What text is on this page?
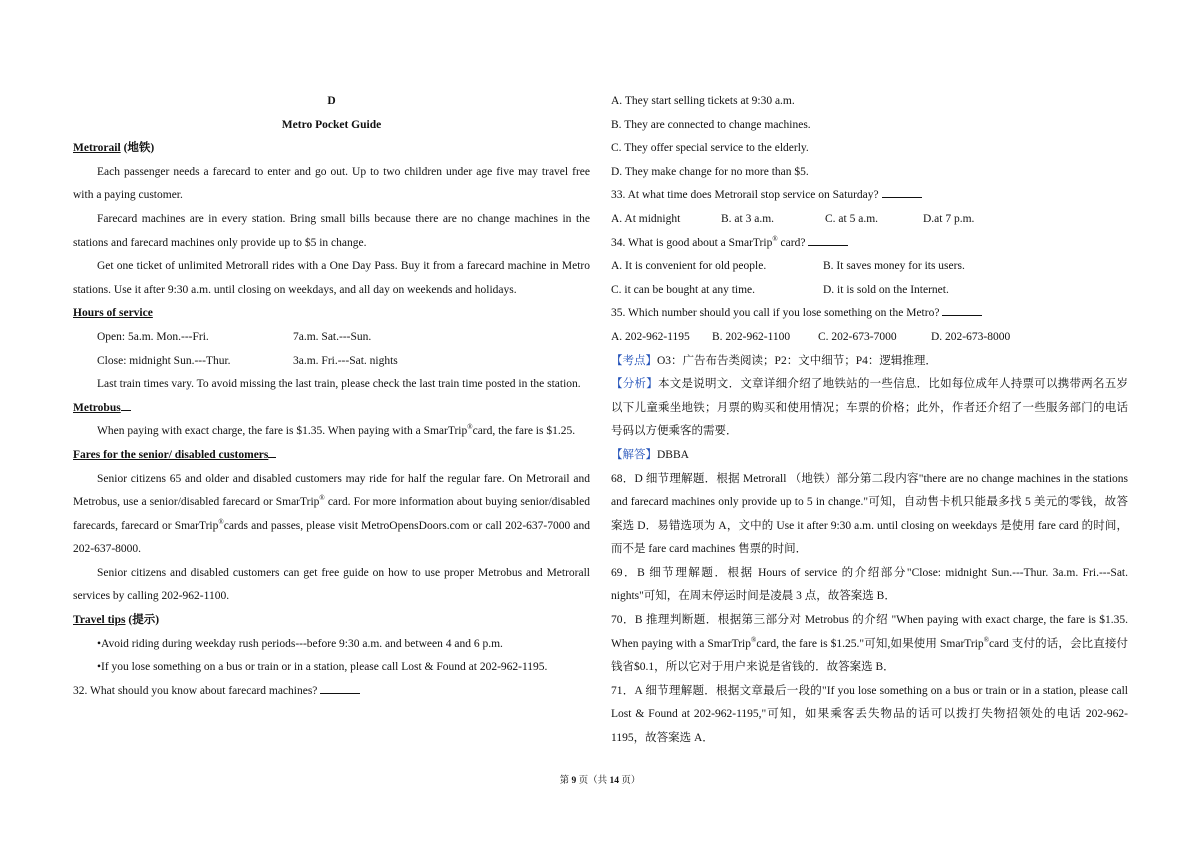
D

Metro Pocket Guide

Metrorail (地铁)

Each passenger needs a farecard to enter and go out. Up to two children under age five may travel free with a paying customer.

Farecard machines are in every station. Bring small bills because there are no change machines in the stations and farecard machines only provide up to $5 in change.

Get one ticket of unlimited Metrorall rides with a One Day Pass. Buy it from a farecard machine in Metro stations. Use it after 9:30 a.m. until closing on weekdays, and all day on weekends and holidays.

Hours of service

Open: 5a.m. Mon.---Fri.	7a.m. Sat.---Sun.

Close: midnight Sun.---Thur.	3a.m. Fri.---Sat. nights

Last train times vary. To avoid missing the last train, please check the last train time posted in the station.

Metrobus

When paying with exact charge, the fare is $1.35. When paying with a SmarTrip®card, the fare is $1.25.

Fares for the senior/ disabled customers

Senior citizens 65 and older and disabled customers may ride for half the regular fare. On Metrorail and Metrobus, use a senior/disabled farecard or SmarTrip® card. For more information about buying senior/disabled farecards, farecard or SmarTrip®cards and passes, please visit MetroOpensDoors.com or call 202-637-7000 and 202-637-8000.

Senior citizens and disabled customers can get free guide on how to use proper Metrobus and Metrorall services by calling 202-962-1100.

Travel tips (提示)

•Avoid riding during weekday rush periods---before 9:30 a.m. and between 4 and 6 p.m.

•If you lose something on a bus or train or in a station, please call Lost & Found at 202-962-1195.

32. What should you know about farecard machines?

A. They start selling tickets at 9:30 a.m.

B. They are connected to change machines.

C. They offer special service to the elderly.

D. They make change for no more than $5.

33. At what time does Metrorail stop service on Saturday?

A. At midnight	B. at 3 a.m.	C. at 5 a.m.	D.at 7 p.m.

34. What is good about a SmarTrip® card?

A. It is convenient for old people.	B. It saves money for its users.

C. it can be bought at any time.	D. it is sold on the Internet.

35. Which number should you call if you lose something on the Metro?

A. 202-962-1195	B. 202-962-1100	C. 202-673-7000	D. 202-673-8000

【考点】O3：广告布告类阅读；P2：文中细节；P4：逻辑推理．

【分析】本文是说明文．文章详细介绍了地铁站的一些信息．比如每位成年人持票可以携带两名五岁以下儿童乘坐地铁；月票的购买和使用情况；车票的价格；此外，作者还介绍了一些服务部门的电话号码以方便乘客的需要．

【解答】DBBA

68．D 细节理解题．根据 Metrorall （地铁）部分第二段内容"there are no change machines in the stations and farecard machines only provide up to 5 in change."可知，自动售卡机只能最多找 5 美元的零钱，故答案选 D．易错选项为 A，文中的 Use it after 9:30 a.m. until closing on weekdays 是使用 fare card 的时间，而不是 fare card machines 售票的时间．

69．B 细节理解题．根据 Hours of service 的介绍部分"Close: midnight Sun.---Thur. 3a.m. Fri.---Sat. nights"可知，在周末停运时间是凌晨 3 点，故答案选 B．

70．B 推理判断题．根据第三部分对 Metrobus 的介绍 "When paying with exact charge, the fare is $1.35. When paying with a SmarTrip®card, the fare is $1.25."可知,如果使用 SmarTrip®card 支付的话，会比直接付钱省$0.1，所以它对于用户来说是省钱的．故答案选 B．

71．A 细节理解题．根据文章最后一段的"If you lose something on a bus or train or in a station, please call Lost & Found at 202-962-1195,"可知，如果乘客丢失物品的话可以拨打失物招领处的电话 202-962-1195，故答案选 A．

第 9 页（共 14 页）
